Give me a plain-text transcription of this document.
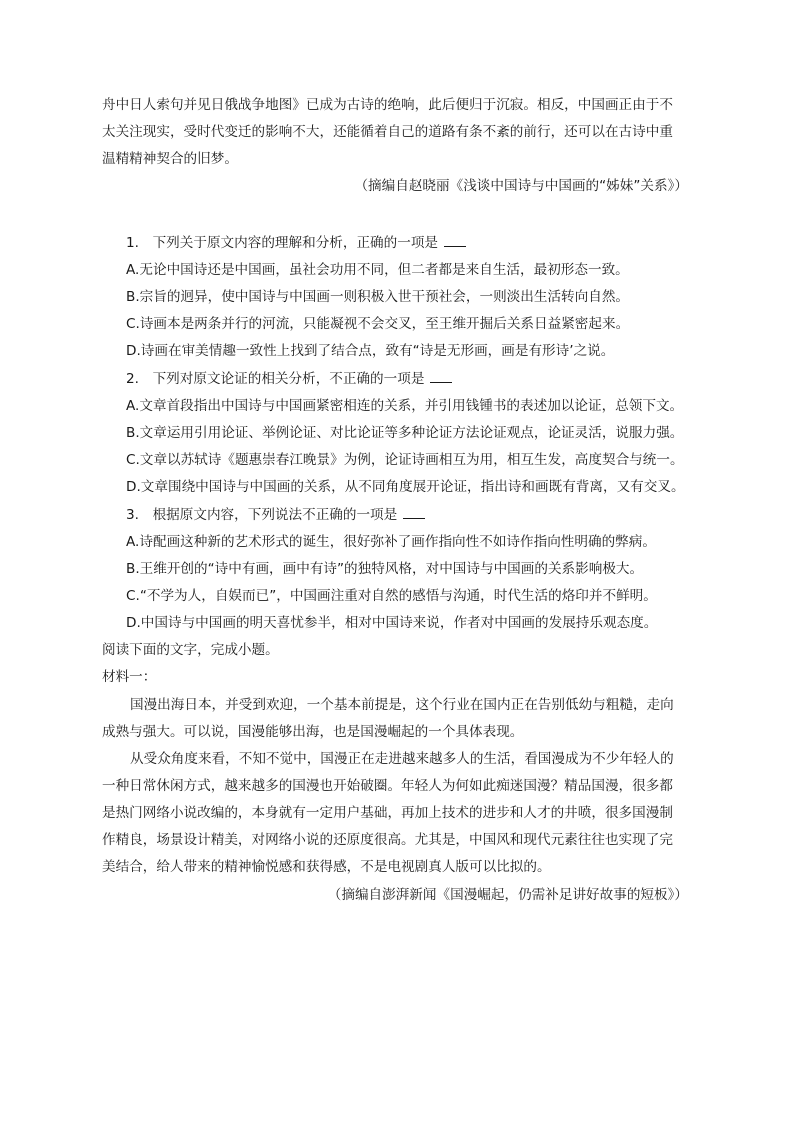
舟中日人索句并见日俄战争地图》已成为古诗的绝响，此后便归于沉寂。相反，中国画正由于不
太关注现实，受时代变迁的影响不大，还能循着自己的道路有条不紊的前行，还可以在古诗中重
温精精神契合的旧梦。
（摘编自赵晓丽《浅谈中国诗与中国画的“姊妹”关系》）
1.　下列关于原文内容的理解和分析，正确的一项是
A.无论中国诗还是中国画，虽社会功用不同，但二者都是来自生活，最初形态一致。
B.宗旨的迥异，使中国诗与中国画一则积极入世干预社会，一则淡出生活转向自然。
C.诗画本是两条并行的河流，只能凝视不会交叉，至王维开掘后关系日益紧密起来。
D.诗画在审美情趣一致性上找到了结合点，致有“诗是无形画，画是有形诗’之说。
2.　下列对原文论证的相关分析，不正确的一项是
A.文章首段指出中国诗与中国画紧密相连的关系，并引用钱锺书的表述加以论证，总领下文。
B.文章运用引用论证、举例论证、对比论证等多种论证方法论证观点，论证灵活，说服力强。
C.文章以苏轼诗《题惠崇春江晚景》为例，论证诗画相互为用，相互生发，高度契合与统一。
D.文章围绕中国诗与中国画的关系，从不同角度展开论证，指出诗和画既有背离，又有交叉。
3.　根据原文内容，下列说法不正确的一项是
A.诗配画这种新的艺术形式的诞生，很好弥补了画作指向性不如诗作指向性明确的弊病。
B.王维开创的“诗中有画，画中有诗”的独特风格，对中国诗与中国画的关系影响极大。
C.“不学为人，自娱而已”，中国画注重对自然的感悟与沟通，时代生活的烙印并不鲜明。
D.中国诗与中国画的明天喜忧参半，相对中国诗来说，作者对中国画的发展持乐观态度。
阅读下面的文字，完成小题。
材料一：
国漫出海日本，并受到欢迎，一个基本前提是，这个行业在国内正在告别低幼与粗糙，走向
成熟与强大。可以说，国漫能够出海，也是国漫崛起的一个具体表现。
从受众角度来看，不知不觉中，国漫正在走进越来越多人的生活，看国漫成为不少年轻人的
一种日常休闲方式，越来越多的国漫也开始破圈。年轻人为何如此痴迷国漫？精品国漫，很多都
是热门网络小说改编的，本身就有一定用户基础，再加上技术的进步和人才的井喷，很多国漫制
作精良，场景设计精美，对网络小说的还原度很高。尤其是，中国风和现代元素往往也实现了完
美结合，给人带来的精神愉悦感和获得感，不是电视剧真人版可以比拟的。
（摘编自澎湃新闻《国漫崛起，仍需补足讲好故事的短板》）
